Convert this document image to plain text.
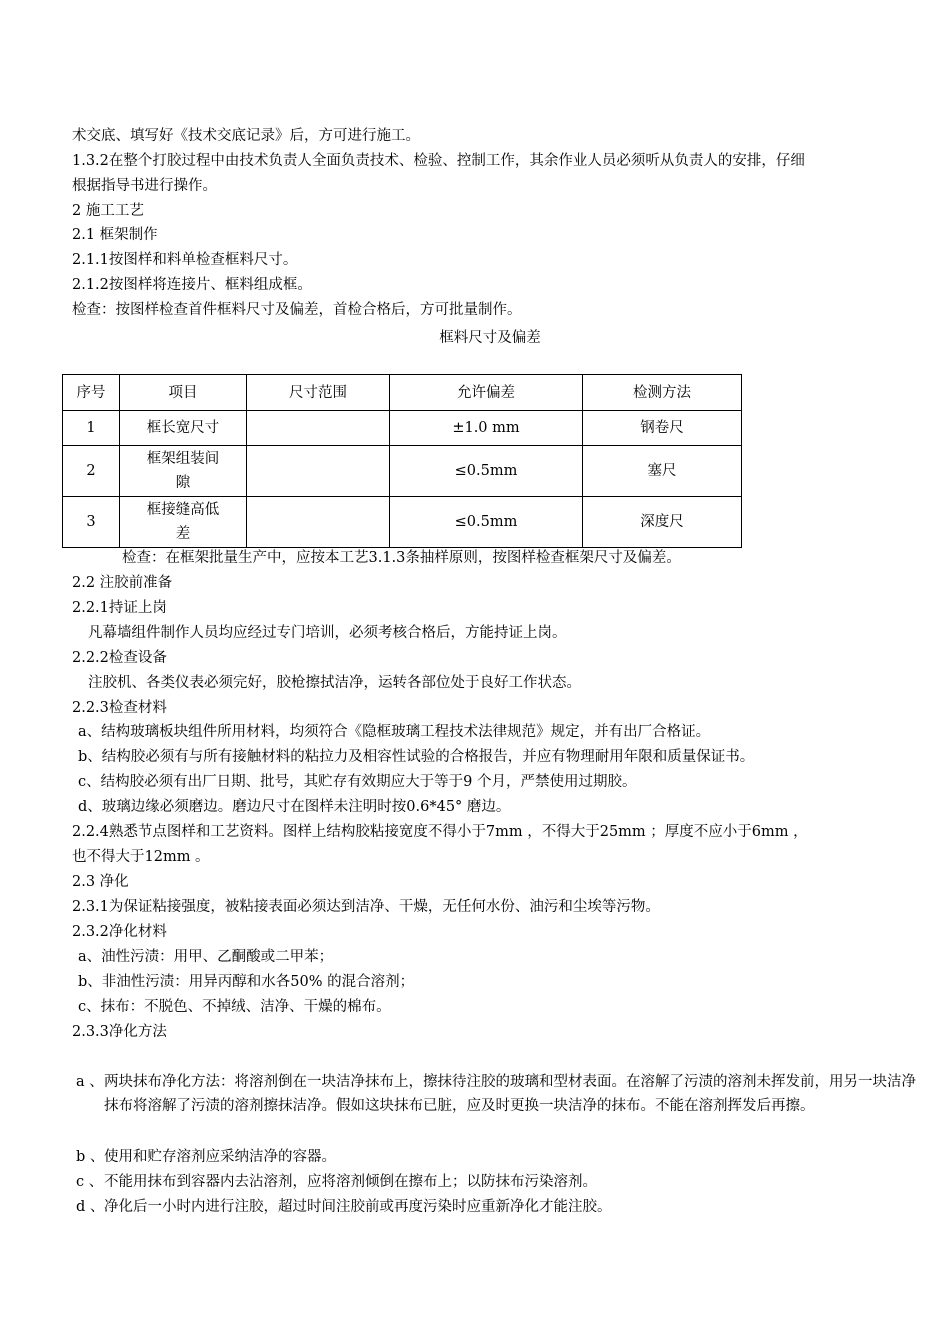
术交底、填写好《技术交底记录》后，方可进行施工。
1.3.2在整个打胶过程中由技术负责人全面负责技术、检验、控制工作，其余作业人员必须听从负责人的安排，仔细
根据指导书进行操作。
2 施工工艺
2.1 框架制作
2.1.1按图样和料单检查框料尺寸。
2.1.2按图样将连接片、框料组成框。
检查：按图样检查首件框料尺寸及偏差，首检合格后，方可批量制作。
框料尺寸及偏差
序号	项目	尺寸范围	允许偏差	检测方法
1	框长宽尺寸		±1.0 mm	钢卷尺
2	框架组装间隙		≤0.5mm	塞尺
3	框接缝高低差		≤0.5mm	深度尺
检查：在框架批量生产中，应按本工艺3.1.3条抽样原则，按图样检查框架尺寸及偏差。
2.2 注胶前准备
2.2.1持证上岗
凡幕墙组件制作人员均应经过专门培训，必须考核合格后，方能持证上岗。
2.2.2检查设备
注胶机、各类仪表必须完好，胶枪擦拭洁净，运转各部位处于良好工作状态。
2.2.3检查材料
a、结构玻璃板块组件所用材料，均须符合《隐框玻璃工程技术法律规范》规定，并有出厂合格证。
b、结构胶必须有与所有接触材料的粘拉力及相容性试验的合格报告，并应有物理耐用年限和质量保证书。
c、结构胶必须有出厂日期、批号，其贮存有效期应大于等于9 个月，严禁使用过期胶。
d、玻璃边缘必须磨边。磨边尺寸在图样未注明时按0.6*45° 磨边。
2.2.4熟悉节点图样和工艺资料。图样上结构胶粘接宽度不得小于7mm ，不得大于25mm ；厚度不应小于6mm ，
也不得大于12mm 。
2.3 净化
2.3.1为保证粘接强度，被粘接表面必须达到洁净、干燥，无任何水份、油污和尘埃等污物。
2.3.2净化材料
a、油性污渍：用甲、乙酮酸或二甲苯；
b、非油性污渍：用异丙醇和水各50% 的混合溶剂；
c、抹布：不脱色、不掉绒、洁净、干燥的棉布。
2.3.3净化方法
a 、 两块抹布净化方法：将溶剂倒在一块洁净抹布上，擦抹待注胶的玻璃和型材表面。在溶解了污渍的溶剂未挥发前，用另一块洁净抹布将溶解了污渍的溶剂擦抹洁净。假如这块抹布已脏，应及时更换一块洁净的抹布。不能在溶剂挥发后再擦。
b 、 使用和贮存溶剂应采纳洁净的容器。
c 、 不能用抹布到容器内去沾溶剂，应将溶剂倾倒在擦布上；以防抹布污染溶剂。
d 、 净化后一小时内进行注胶，超过时间注胶前或再度污染时应重新净化才能注胶。
